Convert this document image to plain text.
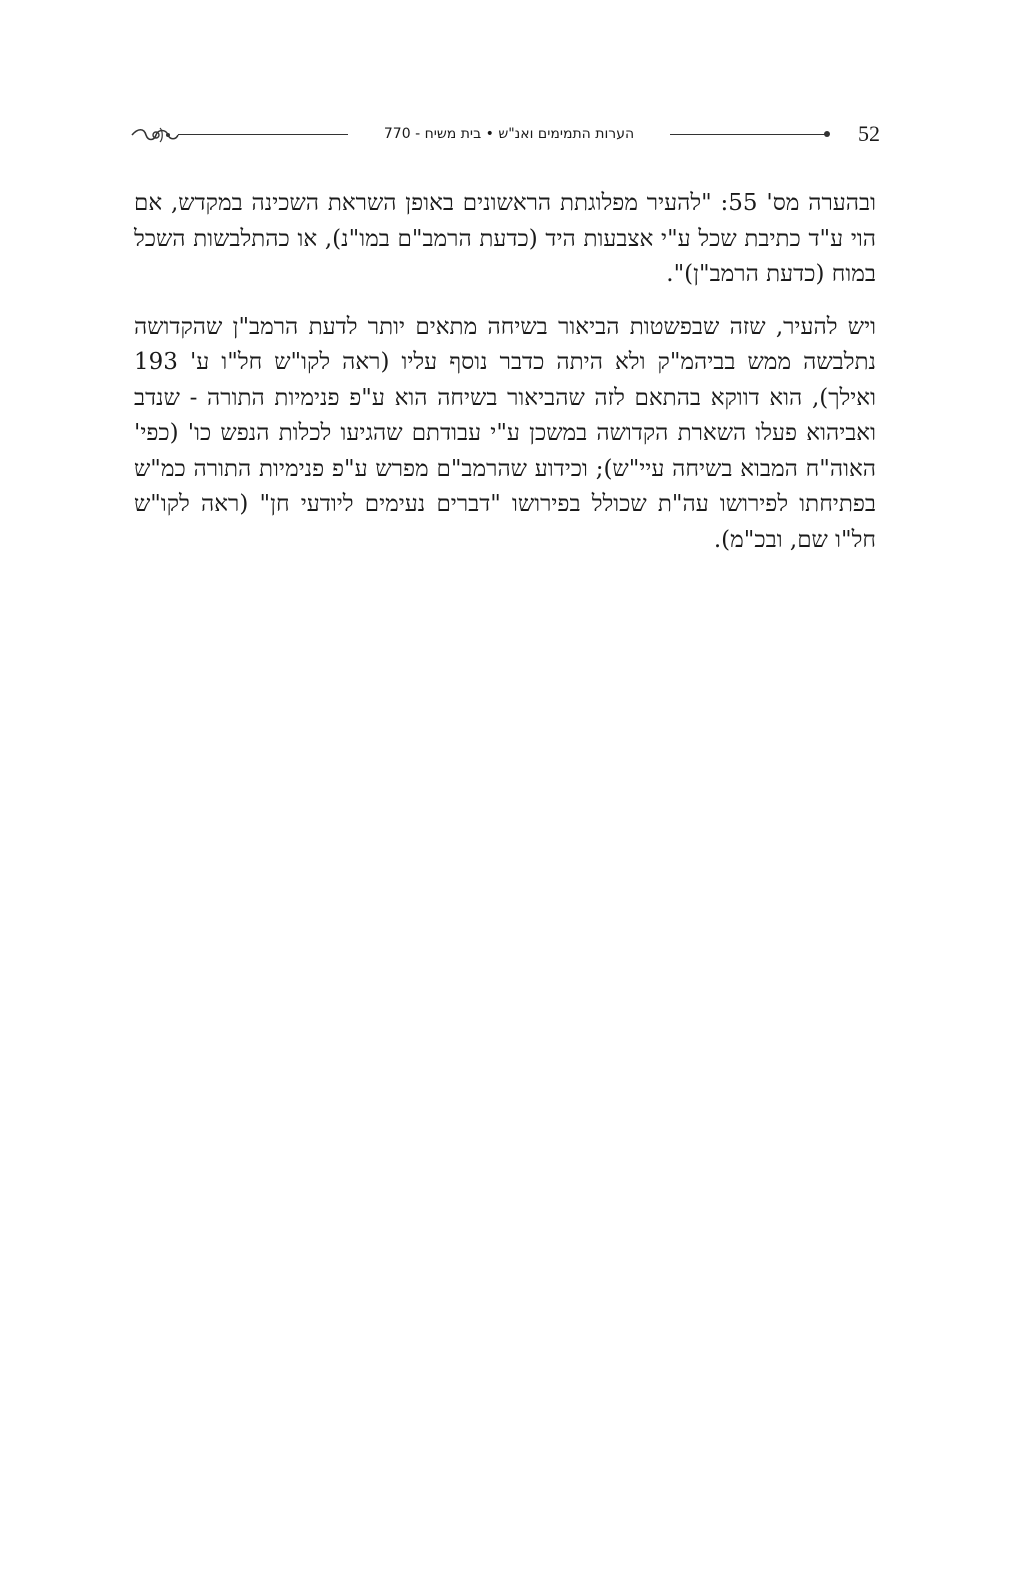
הערות התמימים ואנ"ש • בית משיח - 770	52

ובהערה מס' 55: "להעיר מפלוגתת הראשונים באופן השראת השכינה במקדש, אם הוי ע"ד כתיבת שכל ע"י אצבעות היד (כדעת הרמב"ם במו"נ), או כהתלבשות השכל במוח (כדעת הרמב"ן)".

ויש להעיר, שזה שבפשטות הביאור בשיחה מתאים יותר לדעת הרמב"ן שהקדושה נתלבשה ממש בביהמ"ק ולא היתה כדבר נוסף עליו (ראה לקו"ש חל"ו ע' 193 ואילך), הוא דווקא בהתאם לזה שהביאור בשיחה הוא ע"פ פנימיות התורה - שנדב ואביהוא פעלו השארת הקדושה במשכן ע"י עבודתם שהגיעו לכלות הנפש כו' (כפי' האוה"ח המבוא בשיחה עיי"ש); וכידוע שהרמב"ם מפרש ע"פ פנימיות התורה כמ"ש בפתיחתו לפירושו עה"ת שכולל בפירושו "דברים נעימים ליודעי חן" (ראה לקו"ש חל"ו שם, ובכ"מ).
